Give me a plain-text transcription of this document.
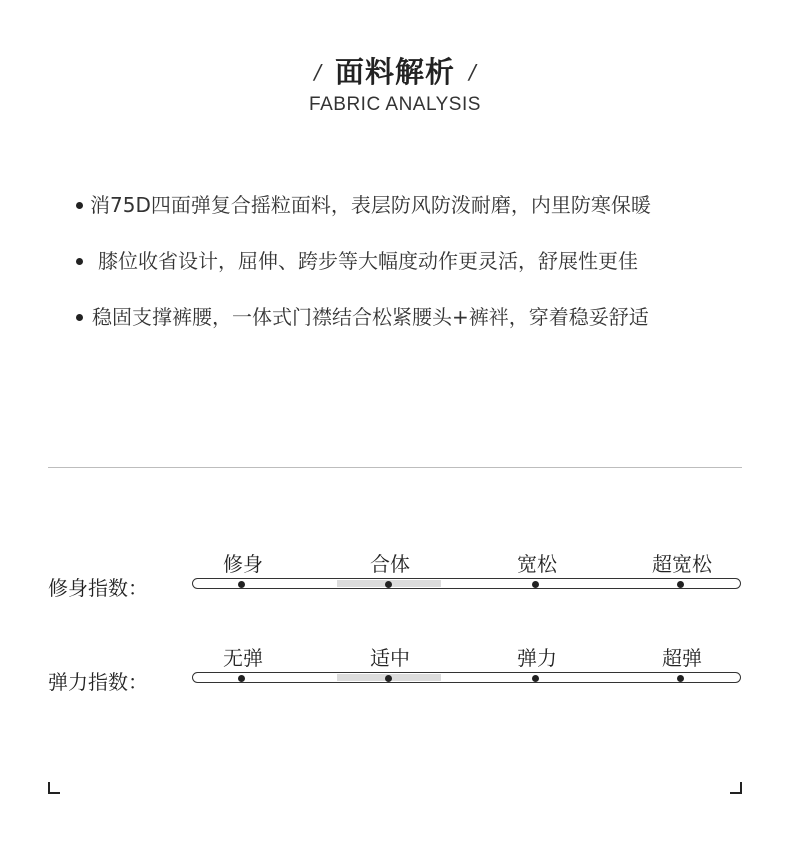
/ 面料解析 /
FABRIC ANALYSIS
消75D四面弹复合摇粒面料，表层防风防泼耐磨，内里防寒保暖
膝位收省设计，屈伸、跨步等大幅度动作更灵活，舒展性更佳
稳固支撑裤腰，一体式门襟结合松紧腰头+裤袢，穿着稳妥舒适
修身指数：
修身	合体	宽松	超宽松
弹力指数：
无弹	适中	弹力	超弹
